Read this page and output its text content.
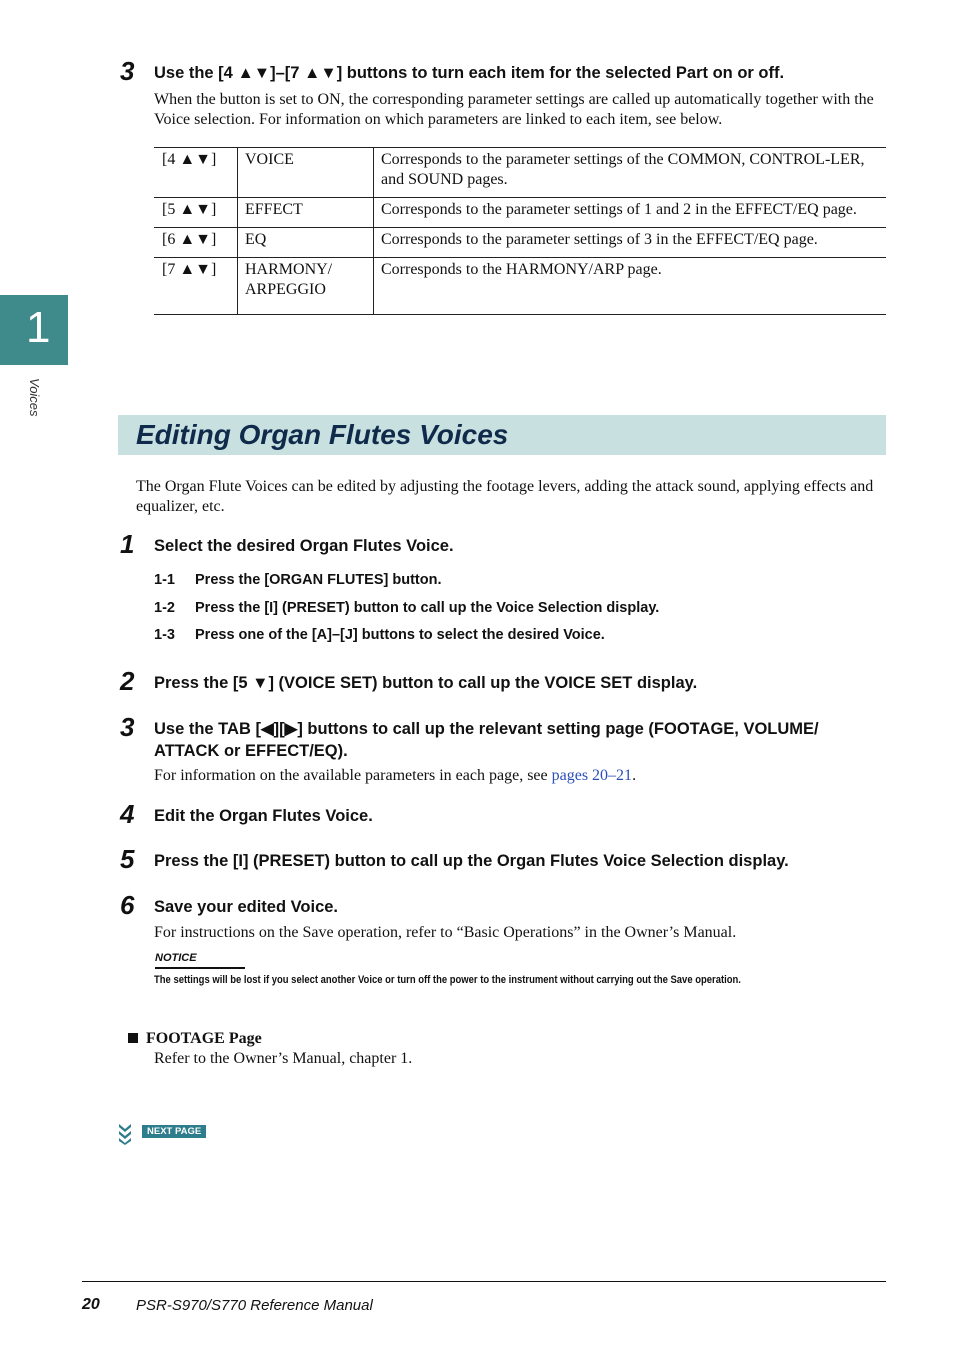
1
Voices
3 Use the [4 ▲▼]–[7 ▲▼] buttons to turn each item for the selected Part on or off.
When the button is set to ON, the corresponding parameter settings are called up automatically together with the Voice selection. For information on which parameters are linked to each item, see below.
[4 ▲▼]	VOICE	Corresponds to the parameter settings of the COMMON, CONTROL-LER, and SOUND pages.
[5 ▲▼]	EFFECT	Corresponds to the parameter settings of 1 and 2 in the EFFECT/EQ page.
[6 ▲▼]	EQ	Corresponds to the parameter settings of 3 in the EFFECT/EQ page.
[7 ▲▼]	HARMONY/ ARPEGGIO	Corresponds to the HARMONY/ARP page.
Editing Organ Flutes Voices
The Organ Flute Voices can be edited by adjusting the footage levers, adding the attack sound, applying effects and equalizer, etc.
1 Select the desired Organ Flutes Voice.
1-1 Press the [ORGAN FLUTES] button.
1-2 Press the [I] (PRESET) button to call up the Voice Selection display.
1-3 Press one of the [A]–[J] buttons to select the desired Voice.
2 Press the [5 ▼] (VOICE SET) button to call up the VOICE SET display.
3 Use the TAB [◀][▶] buttons to call up the relevant setting page (FOOTAGE, VOLUME/ ATTACK or EFFECT/EQ).
For information on the available parameters in each page, see pages 20–21.
4 Edit the Organ Flutes Voice.
5 Press the [I] (PRESET) button to call up the Organ Flutes Voice Selection display.
6 Save your edited Voice.
For instructions on the Save operation, refer to “Basic Operations” in the Owner’s Manual.
NOTICE
The settings will be lost if you select another Voice or turn off the power to the instrument without carrying out the Save operation.
FOOTAGE Page
Refer to the Owner’s Manual, chapter 1.
NEXT PAGE
20 PSR-S970/S770 Reference Manual
